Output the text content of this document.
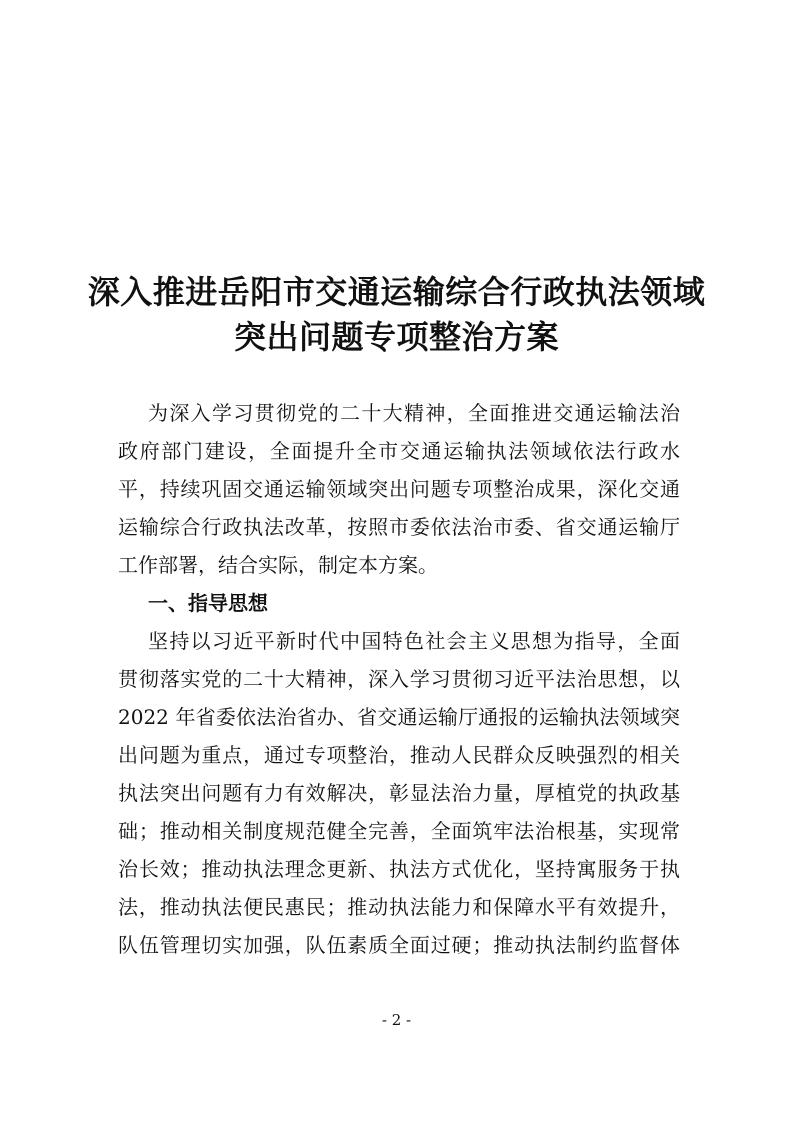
深入推进岳阳市交通运输综合行政执法领域
突出问题专项整治方案
为深入学习贯彻党的二十大精神，全面推进交通运输法治
政府部门建设，全面提升全市交通运输执法领域依法行政水
平，持续巩固交通运输领域突出问题专项整治成果，深化交通
运输综合行政执法改革，按照市委依法治市委、省交通运输厅
工作部署，结合实际，制定本方案。
一、指导思想
坚持以习近平新时代中国特色社会主义思想为指导，全面
贯彻落实党的二十大精神，深入学习贯彻习近平法治思想，以
2022 年省委依法治省办、省交通运输厅通报的运输执法领域突
出问题为重点，通过专项整治，推动人民群众反映强烈的相关
执法突出问题有力有效解决，彰显法治力量，厚植党的执政基
础；推动相关制度规范健全完善，全面筑牢法治根基，实现常
治长效；推动执法理念更新、执法方式优化，坚持寓服务于执
法，推动执法便民惠民；推动执法能力和保障水平有效提升，
队伍管理切实加强，队伍素质全面过硬；推动执法制约监督体
- 2 -
